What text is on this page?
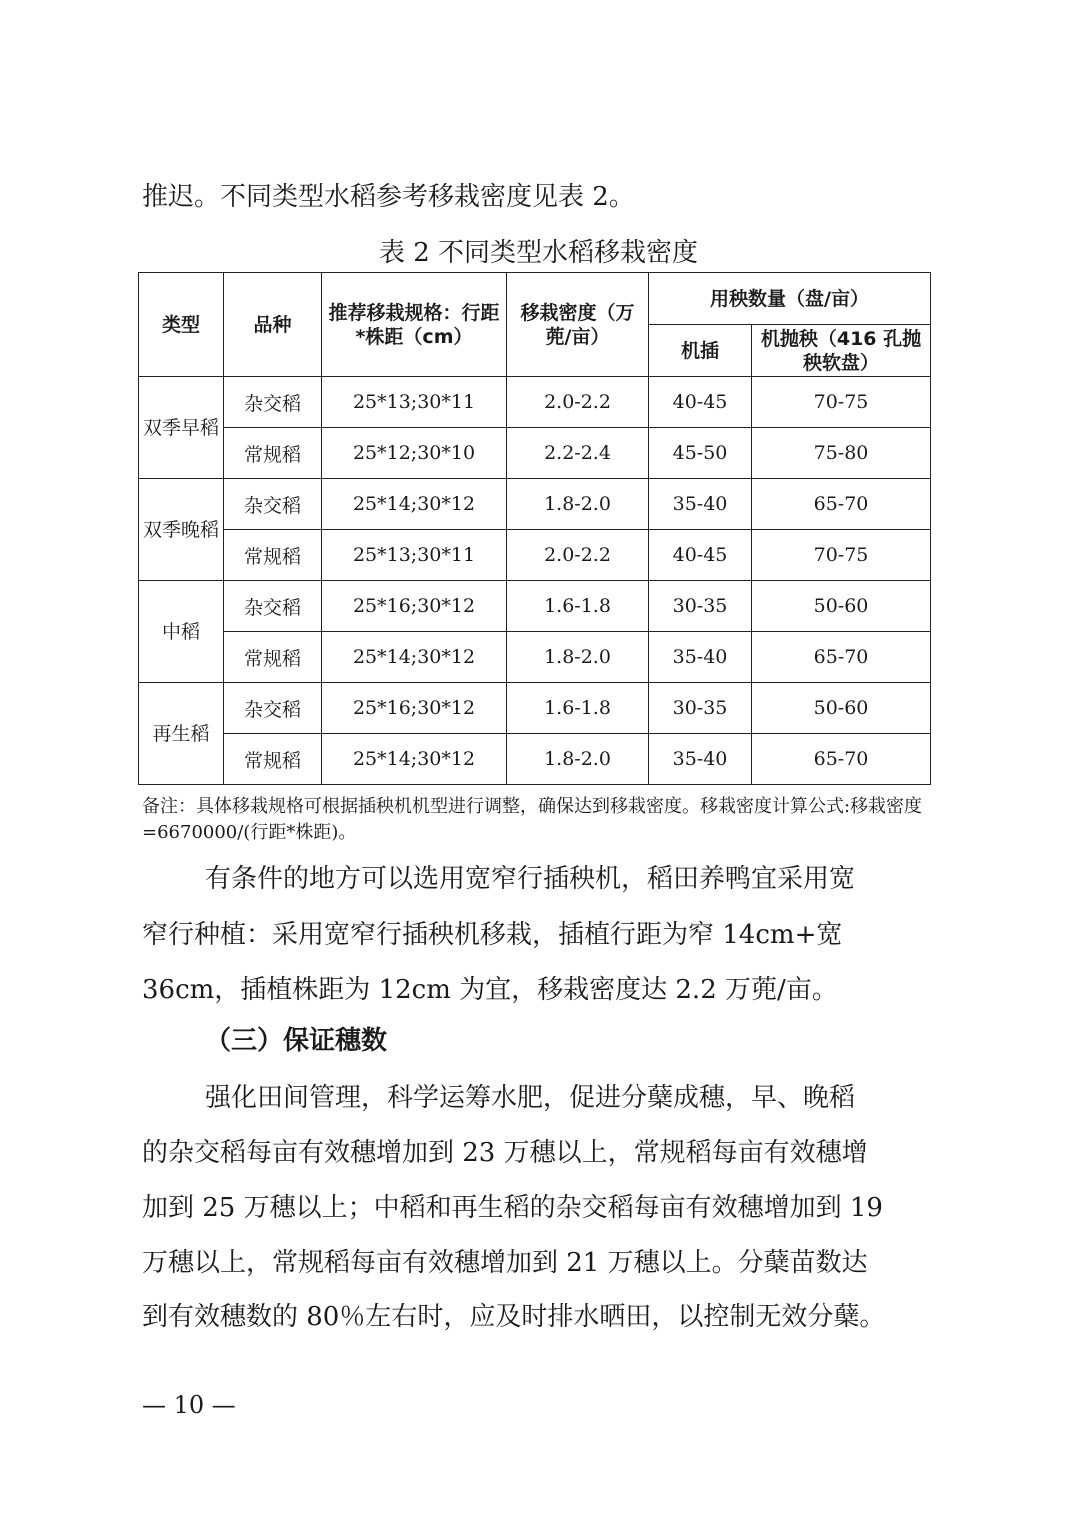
推迟。不同类型水稻参考移栽密度见表 2。

表 2 不同类型水稻移栽密度

类型	品种	推荐移栽规格：行距*株距（cm）	移栽密度（万蔸/亩）	用秧数量（盘/亩）	
				机插	机抛秧（416 孔抛秧软盘）
双季早稻	杂交稻	25*13;30*11	2.0-2.2	40-45	70-75
	常规稻	25*12;30*10	2.2-2.4	45-50	75-80
双季晚稻	杂交稻	25*14;30*12	1.8-2.0	35-40	65-70
	常规稻	25*13;30*11	2.0-2.2	40-45	70-75
中稻	杂交稻	25*16;30*12	1.6-1.8	30-35	50-60
	常规稻	25*14;30*12	1.8-2.0	35-40	65-70
再生稻	杂交稻	25*16;30*12	1.6-1.8	30-35	50-60
	常规稻	25*14;30*12	1.8-2.0	35-40	65-70

备注：具体移栽规格可根据插秧机机型进行调整，确保达到移栽密度。移栽密度计算公式:移栽密度=6670000/(行距*株距)。

有条件的地方可以选用宽窄行插秧机，稻田养鸭宜采用宽

窄行种植：采用宽窄行插秧机移栽，插植行距为窄 14cm+宽

36cm，插植株距为 12cm 为宜，移栽密度达 2.2 万蔸/亩。

（三）保证穗数

强化田间管理，科学运筹水肥，促进分蘖成穗，早、晚稻

的杂交稻每亩有效穗增加到 23 万穗以上，常规稻每亩有效穗增

加到 25 万穗以上；中稻和再生稻的杂交稻每亩有效穗增加到 19

万穗以上，常规稻每亩有效穗增加到 21 万穗以上。分蘖苗数达

到有效穗数的 80％左右时，应及时排水晒田，以控制无效分蘖。

— 10 —
